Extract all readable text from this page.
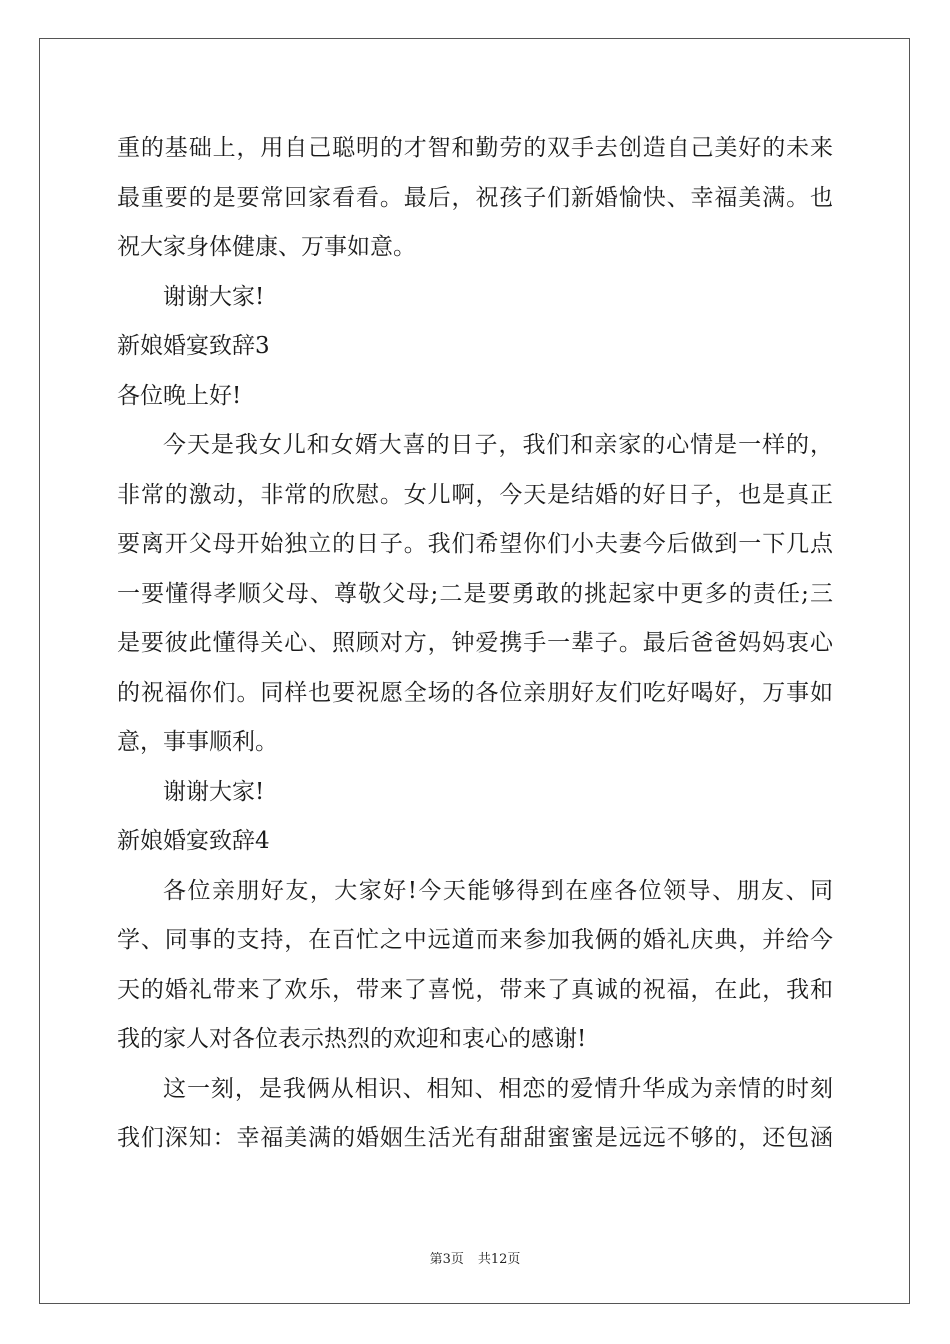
重的基础上，用自己聪明的才智和勤劳的双手去创造自己美好的未来
最重要的是要常回家看看。最后，祝孩子们新婚愉快、幸福美满。也
祝大家身体健康、万事如意。
谢谢大家!
新娘婚宴致辞3
各位晚上好!
今天是我女儿和女婿大喜的日子，我们和亲家的心情是一样的，
非常的激动，非常的欣慰。女儿啊，今天是结婚的好日子，也是真正
要离开父母开始独立的日子。我们希望你们小夫妻今后做到一下几点
一要懂得孝顺父母、尊敬父母;二是要勇敢的挑起家中更多的责任;三
是要彼此懂得关心、照顾对方，钟爱携手一辈子。最后爸爸妈妈衷心
的祝福你们。同样也要祝愿全场的各位亲朋好友们吃好喝好，万事如
意，事事顺利。
谢谢大家!
新娘婚宴致辞4
各位亲朋好友，大家好!今天能够得到在座各位领导、朋友、同
学、同事的支持，在百忙之中远道而来参加我俩的婚礼庆典，并给今
天的婚礼带来了欢乐，带来了喜悦，带来了真诚的祝福，在此，我和
我的家人对各位表示热烈的欢迎和衷心的感谢!
这一刻，是我俩从相识、相知、相恋的爱情升华成为亲情的时刻
我们深知：幸福美满的婚姻生活光有甜甜蜜蜜是远远不够的，还包涵
第3页 共12页
